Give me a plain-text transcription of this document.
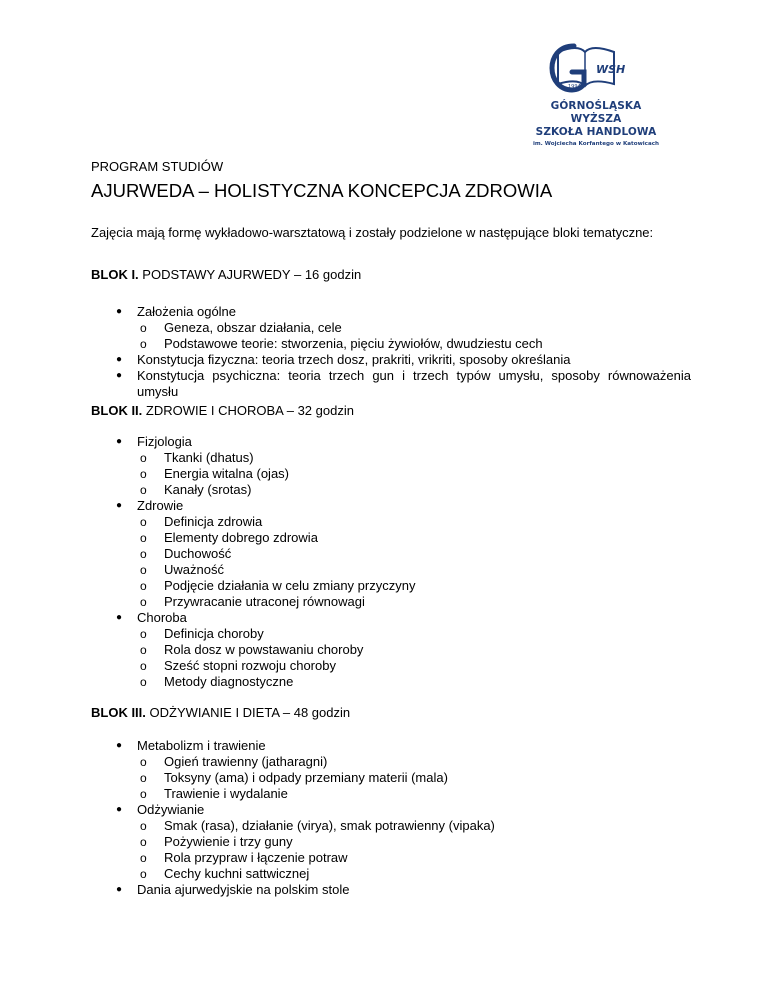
WSH
1994
GÓRNOŚLĄSKA WYŻSZA
SZKOŁA HANDLOWA
im. Wojciecha Korfantego w Katowicach
PROGRAM STUDIÓW
AJURWEDA – HOLISTYCZNA KONCEPCJA ZDROWIA
Zajęcia mają formę wykładowo-warsztatową i zostały podzielone w następujące bloki tematyczne:
BLOK I. PODSTAWY AJURWEDY – 16 godzin
● Założenia ogólne
o Geneza, obszar działania, cele
o Podstawowe teorie: stworzenia, pięciu żywiołów, dwudziestu cech
● Konstytucja fizyczna: teoria trzech dosz, prakriti, vrikriti, sposoby określania
● Konstytucja psychiczna: teoria trzech gun i trzech typów umysłu, sposoby równoważenia umysłu
BLOK II. ZDROWIE I CHOROBA – 32 godzin
● Fizjologia
o Tkanki (dhatus)
o Energia witalna (ojas)
o Kanały (srotas)
● Zdrowie
o Definicja zdrowia
o Elementy dobrego zdrowia
o Duchowość
o Uważność
o Podjęcie działania w celu zmiany przyczyny
o Przywracanie utraconej równowagi
● Choroba
o Definicja choroby
o Rola dosz w powstawaniu choroby
o Sześć stopni rozwoju choroby
o Metody diagnostyczne
BLOK III. ODŻYWIANIE I DIETA – 48 godzin
● Metabolizm i trawienie
o Ogień trawienny (jatharagni)
o Toksyny (ama) i odpady przemiany materii (mala)
o Trawienie i wydalanie
● Odżywianie
o Smak (rasa), działanie (virya), smak potrawienny (vipaka)
o Pożywienie i trzy guny
o Rola przypraw i łączenie potraw
o Cechy kuchni sattwicznej
● Dania ajurwedyjskie na polskim stole
